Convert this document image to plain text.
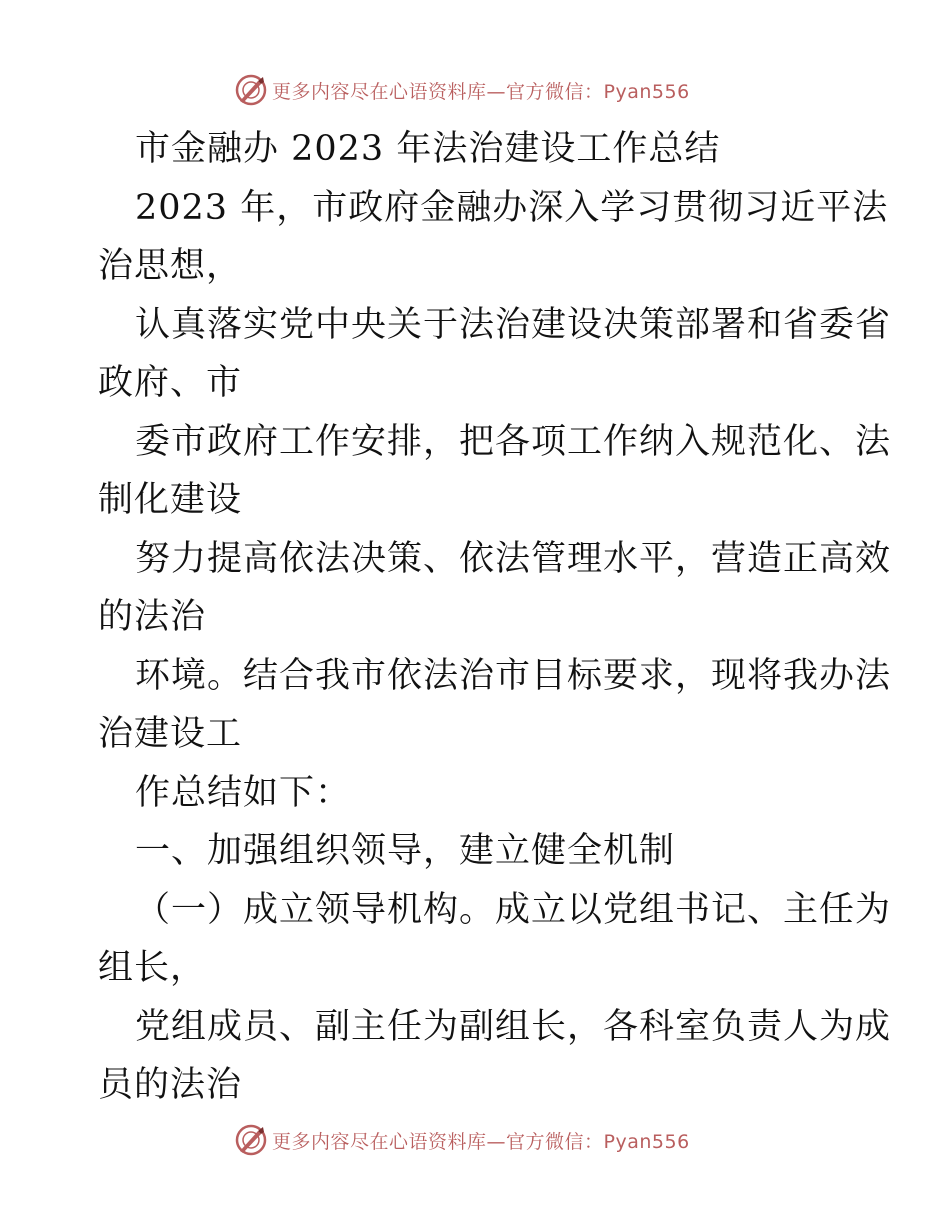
更多内容尽在心语资料库—官方微信：Pyan556
市金融办 2023 年法治建设工作总结
2023 年，市政府金融办深入学习贯彻习近平法
治思想，
认真落实党中央关于法治建设决策部署和省委省
政府、市
委市政府工作安排，把各项工作纳入规范化、法
制化建设
努力提高依法决策、依法管理水平，营造正高效
的法治
环境。结合我市依法治市目标要求，现将我办法
治建设工
作总结如下：
一、加强组织领导，建立健全机制
（一）成立领导机构。成立以党组书记、主任为
组长，
党组成员、副主任为副组长，各科室负责人为成
员的法治
更多内容尽在心语资料库—官方微信：Pyan556
